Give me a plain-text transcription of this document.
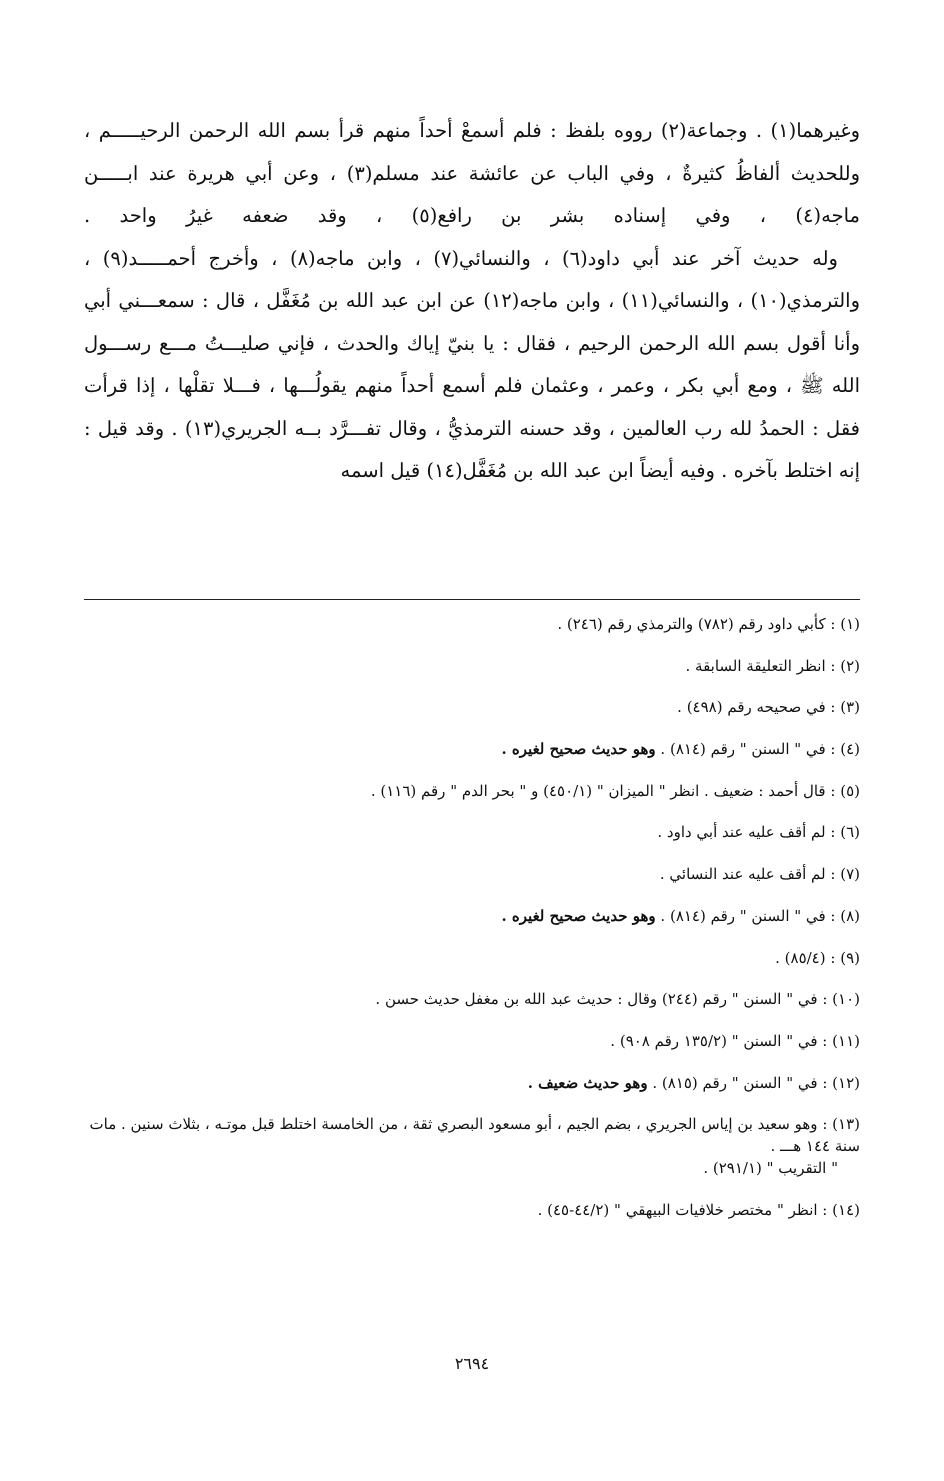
وغيرهما(١) . وجماعة(٢) رووه بلفظ : فلم أسمعْ أحداً منهم قرأ بسم الله الرحمن الرحيـــــم ، وللحديث ألفاظُ كثيرةٌ ، وفي الباب عن عائشة عند مسلم(٣) ، وعن أبي هريرة عند ابـــــن ماجه(٤) ، وفي إسناده بشر بن رافع(٥) ، وقد ضعفه غيرُ واحد .

وله حديث آخر عند أبي داود(٦) ، والنسائي(٧) ، وابن ماجه(٨) ، وأخرج أحمـــــد(٩) ، والترمذي(١٠) ، والنسائي(١١) ، وابن ماجه(١٢) عن ابن عبد الله بن مُغَفَّل ، قال : سمعـــني أبي وأنا أقول بسم الله الرحمن الرحيم ، فقال : يا بنيّ إياك والحدث ، فإني صليـــتُ مـــع رســـول الله ﷺ ، ومع أبي بكر ، وعمر ، وعثمان فلم أسمع أحداً منهم يقولُـــها ، فـــلا تقلْها ، إذا قرأت فقل : الحمدُ لله رب العالمين ، وقد حسنه الترمذيُّ ، وقال تفـــرَّد بــه الجريري(١٣) . وقد قيل : إنه اختلط بآخره . وفيه أيضاً ابن عبد الله بن مُغَفَّل(١٤) قيل اسمه

(١) : كأبي داود رقم (٧٨٢) والترمذي رقم (٢٤٦) .
(٢) : انظر التعليقة السابقة .
(٣) : في صحيحه رقم (٤٩٨) .
(٤) : في " السنن " رقم (٨١٤) . وهو حديث صحيح لغيره .
(٥) : قال أحمد : ضعيف . انظر " الميزان " (٤٥٠/١) و " بحر الدم " رقم (١١٦) .
(٦) : لم أقف عليه عند أبي داود .
(٧) : لم أقف عليه عند النسائي .
(٨) : في " السنن " رقم (٨١٤) . وهو حديث صحيح لغيره .
(٩) : (٨٥/٤) .
(١٠) : في " السنن " رقم (٢٤٤) وقال : حديث عبد الله بن مغفل حديث حسن .
(١١) : في " السنن " (١٣٥/٢ رقم ٩٠٨) .
(١٢) : في " السنن " رقم (٨١٥) . وهو حديث ضعيف .
(١٣) : وهو سعيد بن إياس الجريري ، بضم الجيم ، أبو مسعود البصري ثقة ، من الخامسة اختلط قبل موتـه ، بثلاث سنين . مات سنة ١٤٤ هـــ .
" التقريب " (٢٩١/١) .
(١٤) : انظر " مختصر خلافيات البيهقي " (٤٤/٢-٤٥) .
٢٦٩٤
